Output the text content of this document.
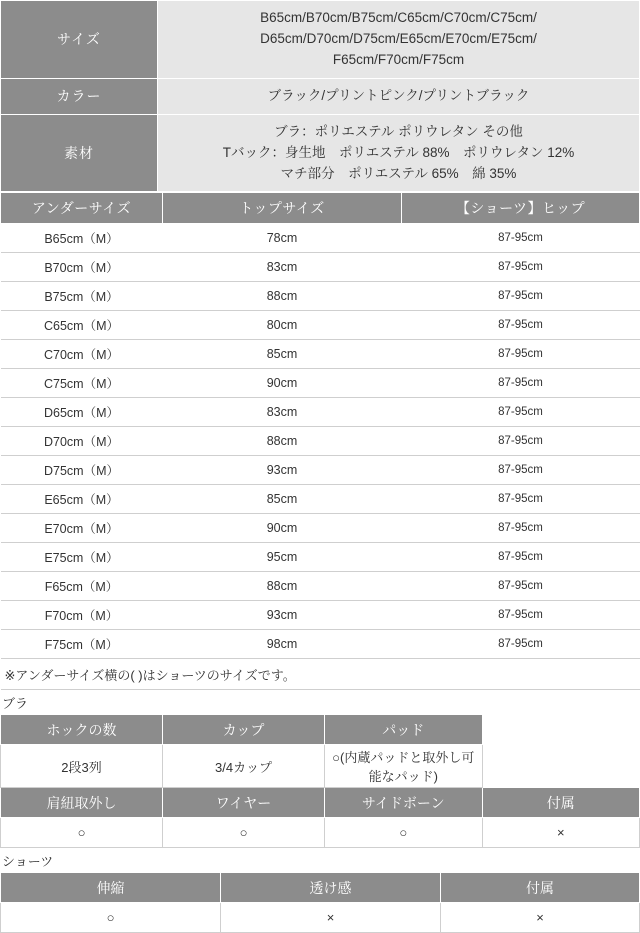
サイズ	B65cm/B70cm/B75cm/C65cm/C70cm/C75cm/
D65cm/D70cm/D75cm/E65cm/E70cm/E75cm/
F65cm/F70cm/F75cm
カラー	ブラック/プリントピンク/プリントブラック
素材	ブラ：ポリエステル ポリウレタン その他
Tバック：身生地　ポリエステル 88%　ポリウレタン 12%
マチ部分　ポリエステル 65%　綿 35%
アンダーサイズ	トップサイズ	【ショーツ】ヒップ
B65cm（M）	78cm	87-95cm
B70cm（M）	83cm	87-95cm
B75cm（M）	88cm	87-95cm
C65cm（M）	80cm	87-95cm
C70cm（M）	85cm	87-95cm
C75cm（M）	90cm	87-95cm
D65cm（M）	83cm	87-95cm
D70cm（M）	88cm	87-95cm
D75cm（M）	93cm	87-95cm
E65cm（M）	85cm	87-95cm
E70cm（M）	90cm	87-95cm
E75cm（M）	95cm	87-95cm
F65cm（M）	88cm	87-95cm
F70cm（M）	93cm	87-95cm
F75cm（M）	98cm	87-95cm
※アンダーサイズ横の( )はショーツのサイズです。		
ブラ
ホックの数	カップ	パッド	
2段3列	3/4カップ	○(内蔵パッドと取外し可能なパッド)	
肩紐取外し	ワイヤー	サイドボーン	付属
○	○	○	×
ショーツ
伸縮	透け感	付属
○	×	×
